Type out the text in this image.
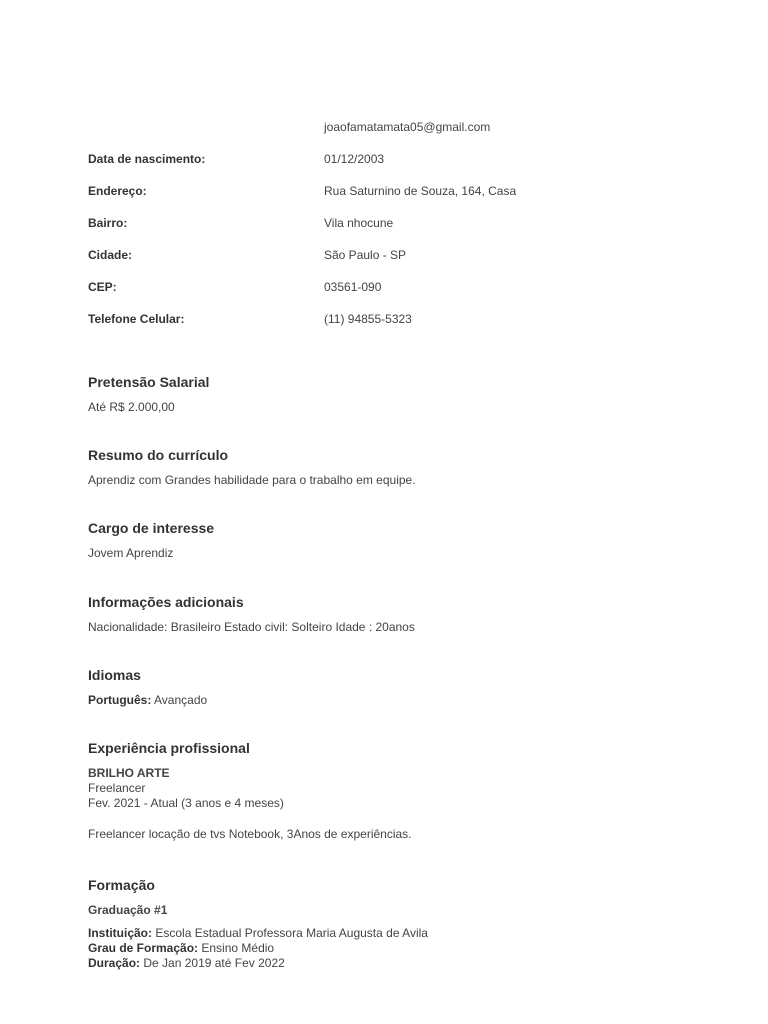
joaofamatamata05@gmail.com
Data de nascimento:	01/12/2003
Endereço:	Rua Saturnino de Souza, 164, Casa
Bairro:	Vila nhocune
Cidade:	São Paulo - SP
CEP:	03561-090
Telefone Celular:	(11) 94855-5323
Pretensão Salarial
Até R$ 2.000,00
Resumo do currículo
Aprendiz com Grandes habilidade para o trabalho em equipe.
Cargo de interesse
Jovem Aprendiz
Informações adicionais
Nacionalidade: Brasileiro Estado civil: Solteiro Idade : 20anos
Idiomas
Português: Avançado
Experiência profissional
BRILHO ARTE
Freelancer
Fev. 2021 - Atual (3 anos e 4 meses)
Freelancer locação de tvs Notebook, 3Anos de experiências.
Formação
Graduação #1
Instituição: Escola Estadual Professora Maria Augusta de Avila
Grau de Formação: Ensino Médio
Duração: De Jan 2019 até Fev 2022
